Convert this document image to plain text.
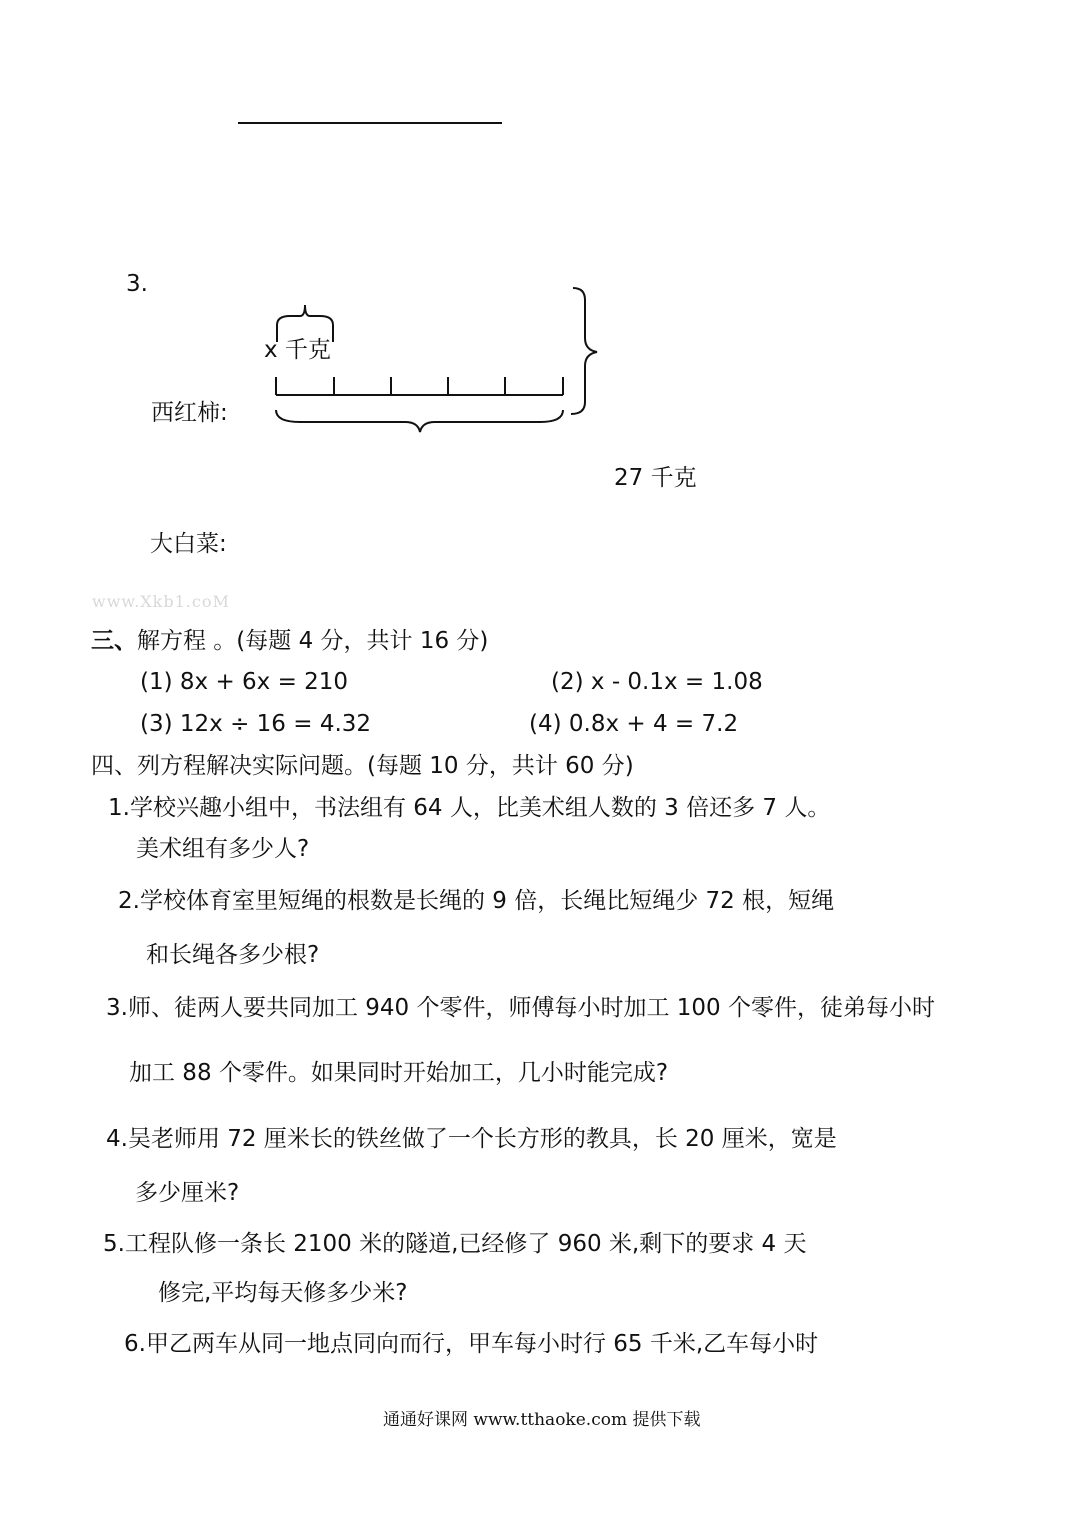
3.
x 千克
西红柿:
27 千克
大白菜:
www.Xkb1.coM
三、解方程 。(每题 4 分，共计 16 分)
(1) 8x + 6x = 210	(2) x - 0.1x = 1.08
(3) 12x ÷ 16 = 4.32	(4) 0.8x + 4 = 7.2
四、列方程解决实际问题。(每题 10 分，共计 60 分)
1.学校兴趣小组中，书法组有 64 人，比美术组人数的 3 倍还多 7 人。
美术组有多少人?
2.学校体育室里短绳的根数是长绳的 9 倍，长绳比短绳少 72 根，短绳
和长绳各多少根?
3.师、徒两人要共同加工 940 个零件，师傅每小时加工 100 个零件，徒弟每小时
加工 88 个零件。如果同时开始加工，几小时能完成?
4.吴老师用 72 厘米长的铁丝做了一个长方形的教具，长 20 厘米，宽是
多少厘米?
5.工程队修一条长 2100 米的隧道,已经修了 960 米,剩下的要求 4 天
修完,平均每天修多少米?
6.甲乙两车从同一地点同向而行，甲车每小时行 65 千米,乙车每小时
通通好课网 www.tthaoke.com 提供下载
